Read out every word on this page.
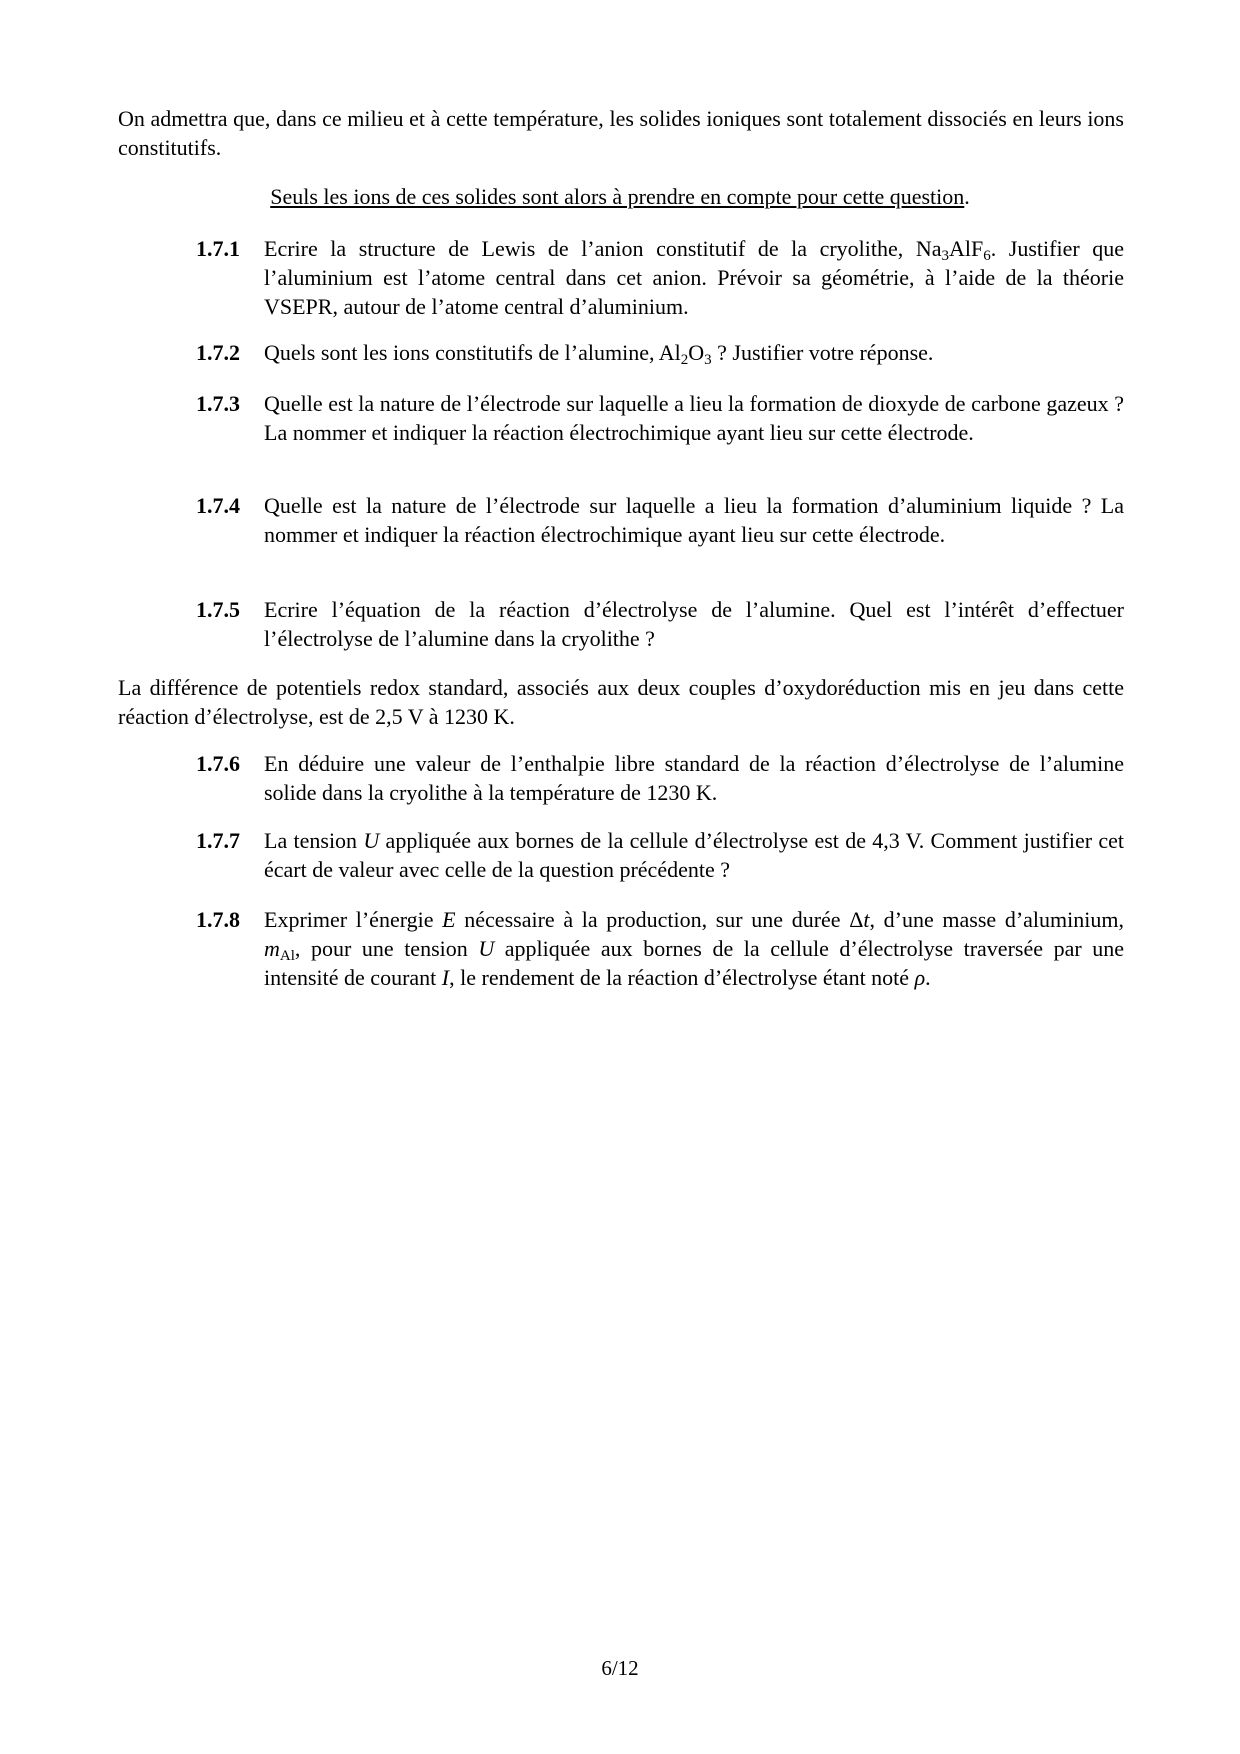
On admettra que, dans ce milieu et à cette température, les solides ioniques sont totalement dissociés en leurs ions constitutifs.

Seuls les ions de ces solides sont alors à prendre en compte pour cette question.

1.7.1 Ecrire la structure de Lewis de l’anion constitutif de la cryolithe, $Na_3AlF_6$. Justifier que l’aluminium est l’atome central dans cet anion. Prévoir sa géométrie, à l’aide de la théorie VSEPR, autour de l’atome central d’aluminium.
1.7.2 Quels sont les ions constitutifs de l’alumine, $Al_2O_3$ ? Justifier votre réponse.
1.7.3 Quelle est la nature de l’électrode sur laquelle a lieu la formation de dioxyde de carbone gazeux ? La nommer et indiquer la réaction électrochimique ayant lieu sur cette électrode.
1.7.4 Quelle est la nature de l’électrode sur laquelle a lieu la formation d’aluminium liquide ? La nommer et indiquer la réaction électrochimique ayant lieu sur cette électrode.
1.7.5 Ecrire l’équation de la réaction d’électrolyse de l’alumine. Quel est l’intérêt d’effectuer l’électrolyse de l’alumine dans la cryolithe ?

La différence de potentiels redox standard, associés aux deux couples d’oxydoréduction mis en jeu dans cette réaction d’électrolyse, est de 2,5 V à 1230 K.

1.7.6 En déduire une valeur de l’enthalpie libre standard de la réaction d’électrolyse de l’alumine solide dans la cryolithe à la température de 1230 K.
1.7.7 La tension U appliquée aux bornes de la cellule d’électrolyse est de 4,3 V. Comment justifier cet écart de valeur avec celle de la question précédente ?
1.7.8 Exprimer l’énergie E nécessaire à la production, sur une durée Δt, d’une masse d’aluminium, $m_{Al}$, pour une tension U appliquée aux bornes de la cellule d’électrolyse traversée par une intensité de courant I, le rendement de la réaction d’électrolyse étant noté ρ.
6/12
